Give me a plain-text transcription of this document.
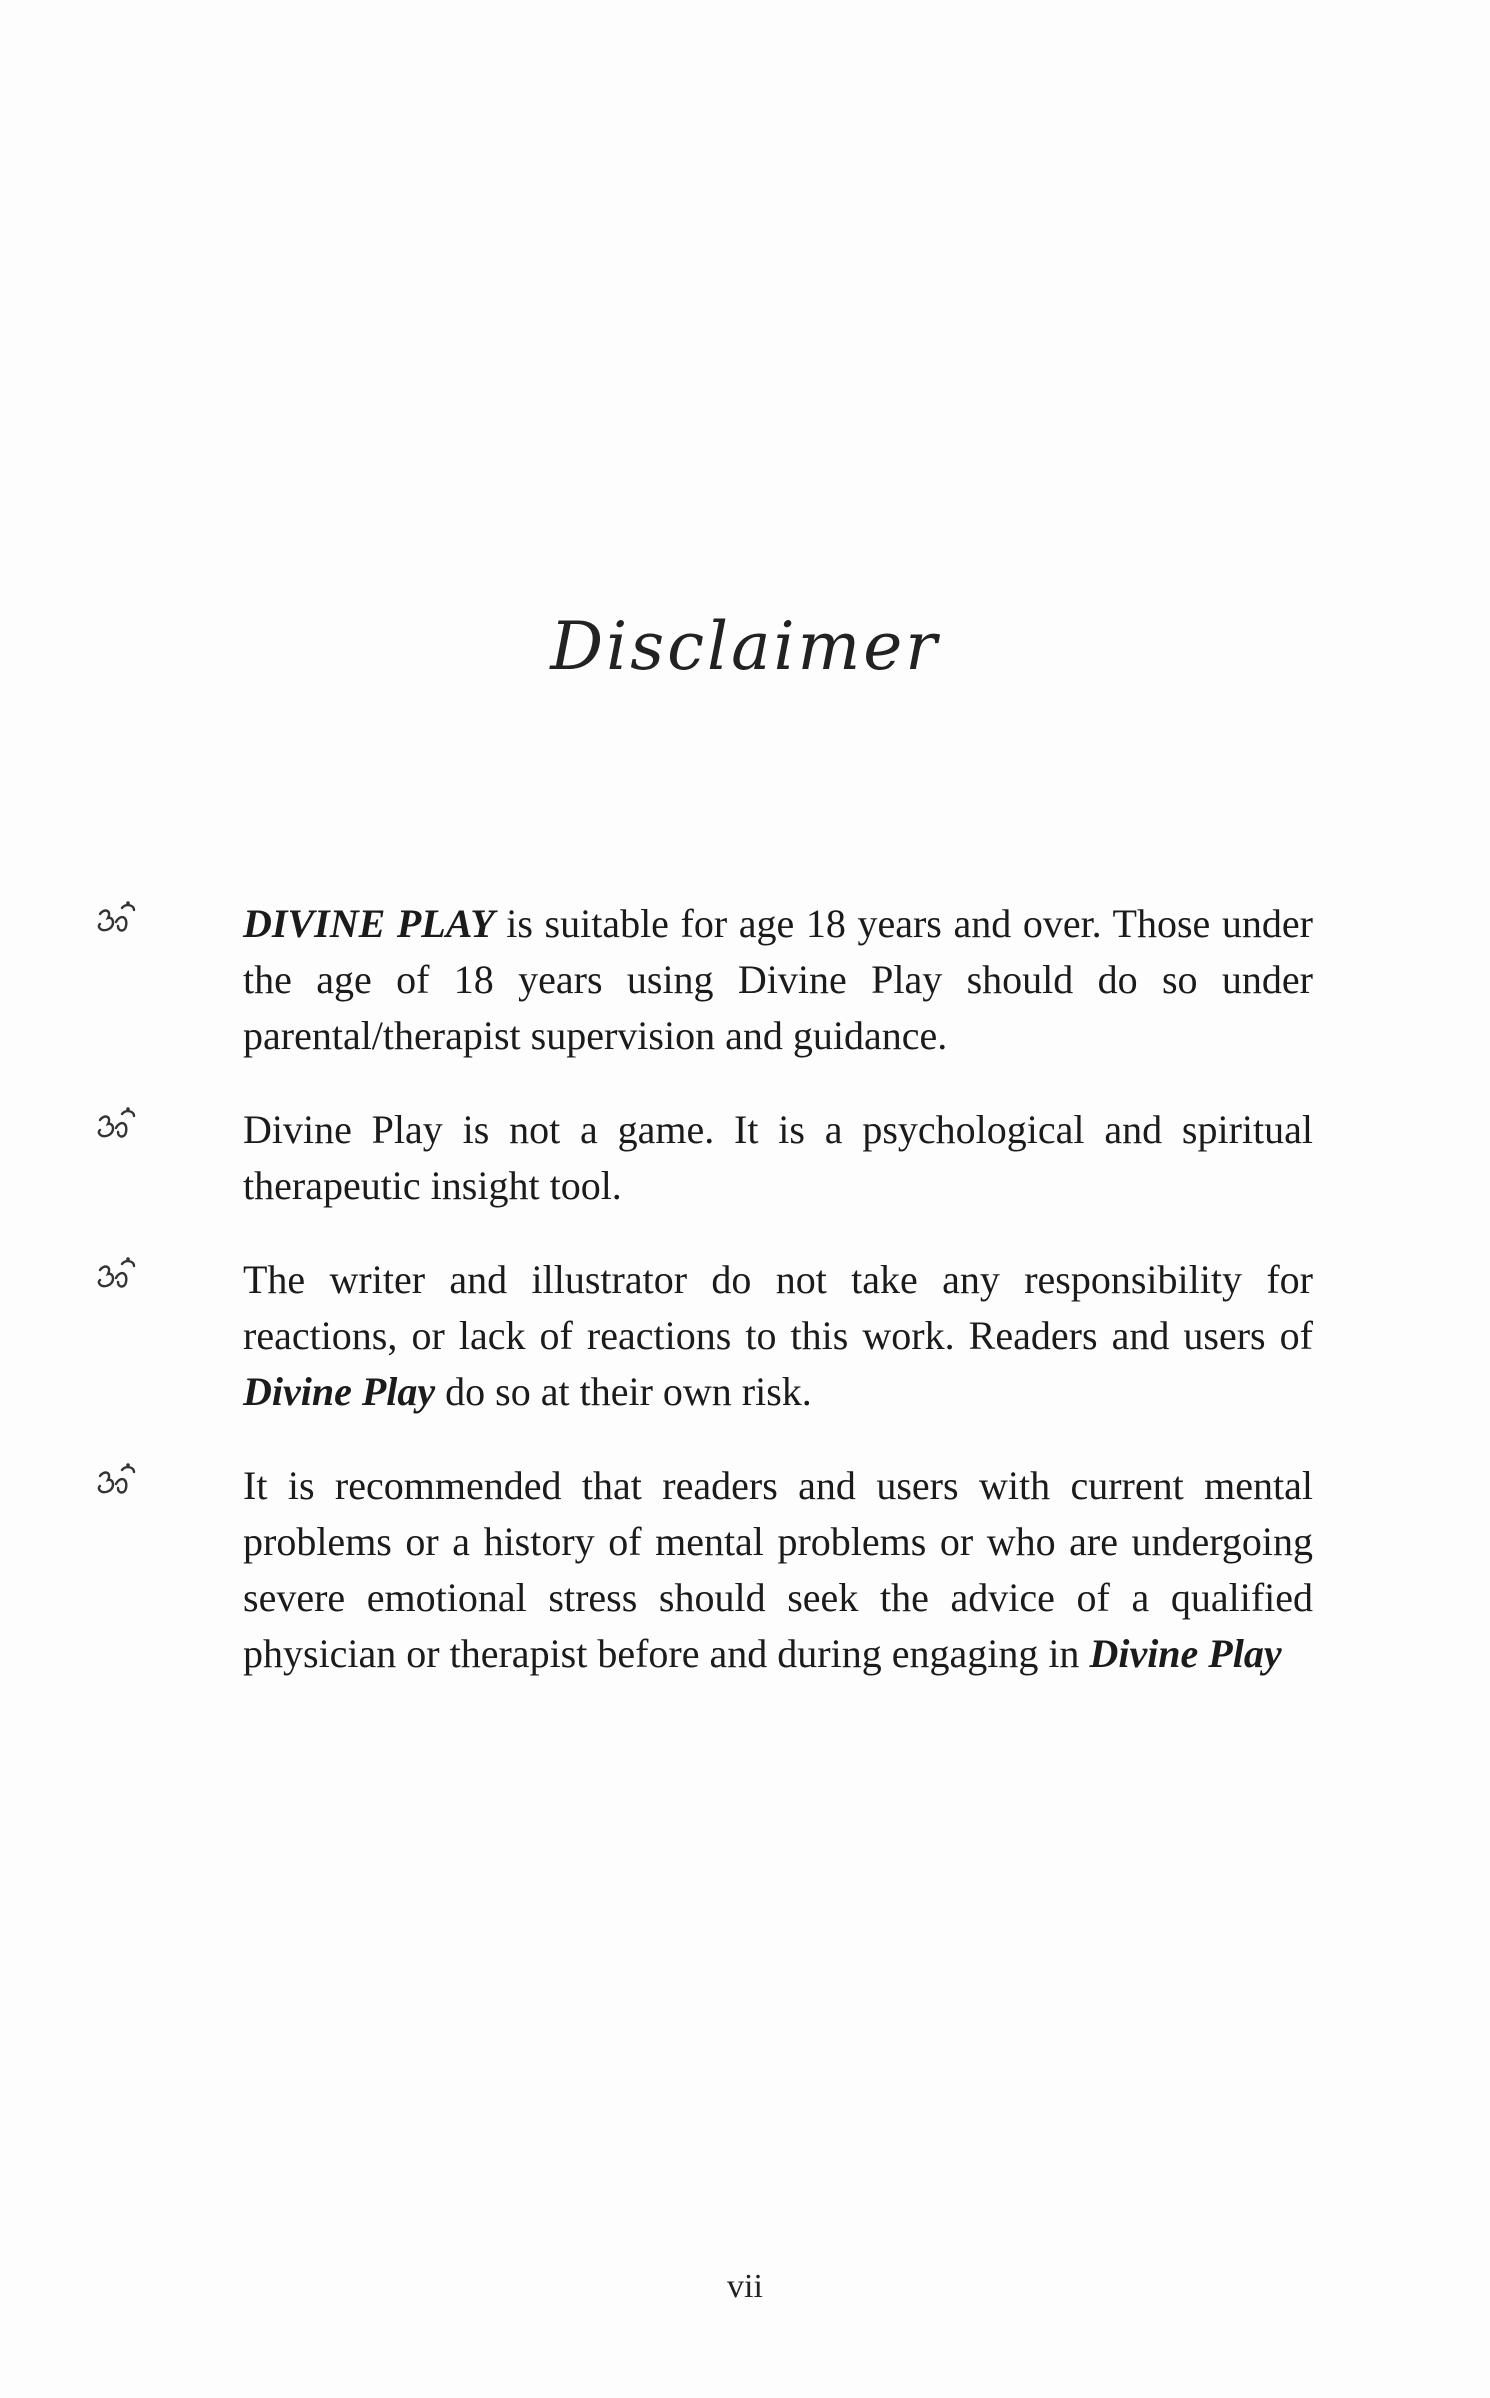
Disclaimer
DIVINE PLAY is suitable for age 18 years and over. Those under the age of 18 years using Divine Play should do so under parental/therapist supervision and guidance.
Divine Play is not a game. It is a psychological and spiritual therapeutic insight tool.
The writer and illustrator do not take any responsibility for reactions, or lack of reactions to this work. Readers and users of Divine Play do so at their own risk.
It is recommended that readers and users with current mental problems or a history of mental problems or who are undergoing severe emotional stress should seek the advice of a qualified physician or therapist before and during engaging in Divine Play
vii
